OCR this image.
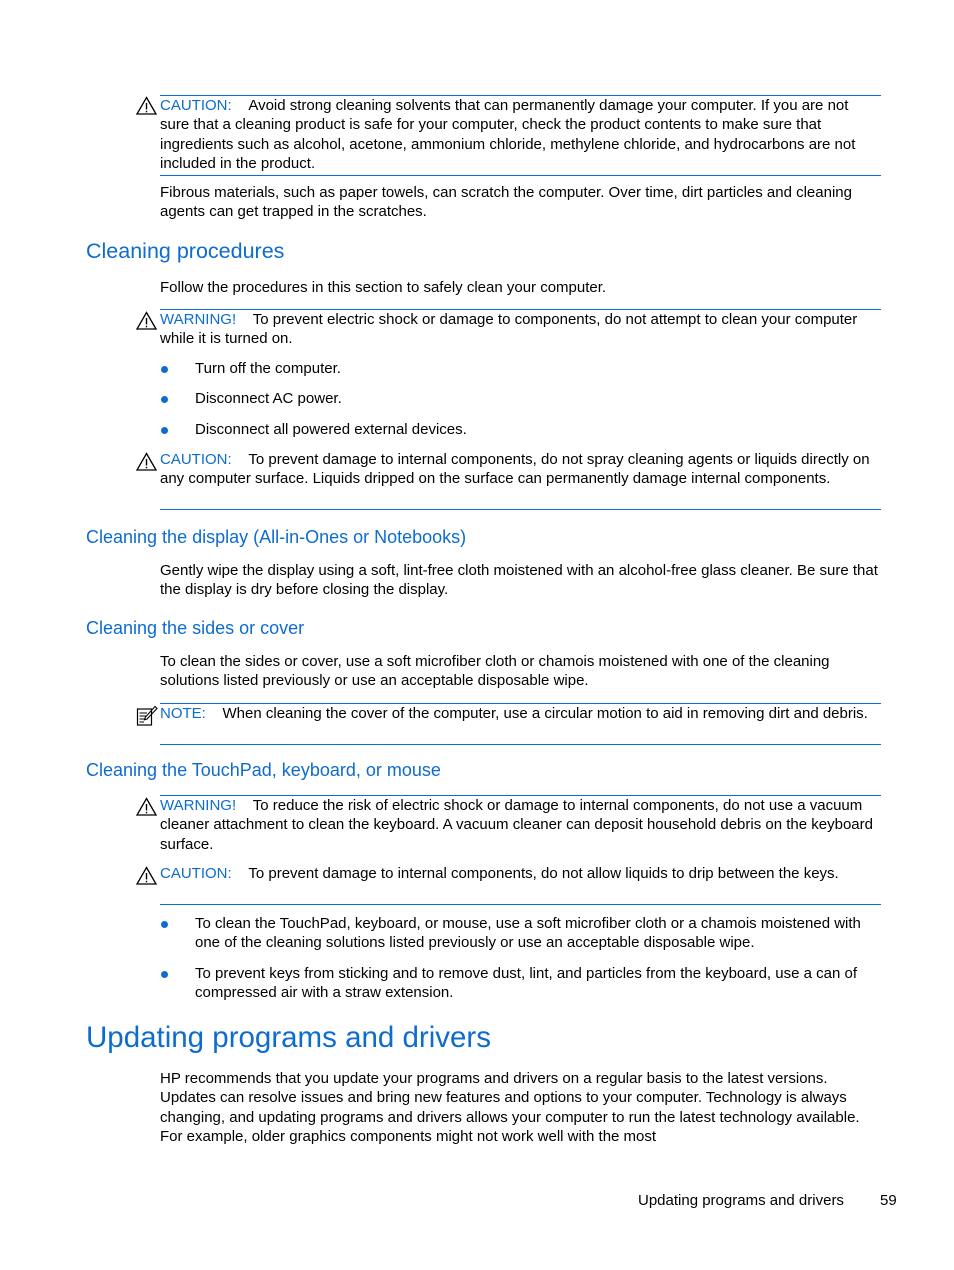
CAUTION: Avoid strong cleaning solvents that can permanently damage your computer. If you are not sure that a cleaning product is safe for your computer, check the product contents to make sure that ingredients such as alcohol, acetone, ammonium chloride, methylene chloride, and hydrocarbons are not included in the product.

Fibrous materials, such as paper towels, can scratch the computer. Over time, dirt particles and cleaning agents can get trapped in the scratches.
Cleaning procedures
Follow the procedures in this section to safely clean your computer.

WARNING! To prevent electric shock or damage to components, do not attempt to clean your computer while it is turned on.

Turn off the computer.
Disconnect AC power.
Disconnect all powered external devices.

CAUTION: To prevent damage to internal components, do not spray cleaning agents or liquids directly on any computer surface. Liquids dripped on the surface can permanently damage internal components.

Cleaning the display (All-in-Ones or Notebooks)
Gently wipe the display using a soft, lint-free cloth moistened with an alcohol-free glass cleaner. Be sure that the display is dry before closing the display.
Cleaning the sides or cover
To clean the sides or cover, use a soft microfiber cloth or chamois moistened with one of the cleaning solutions listed previously or use an acceptable disposable wipe.

NOTE: When cleaning the cover of the computer, use a circular motion to aid in removing dirt and debris.

Cleaning the TouchPad, keyboard, or mouse

WARNING! To reduce the risk of electric shock or damage to internal components, do not use a vacuum cleaner attachment to clean the keyboard. A vacuum cleaner can deposit household debris on the keyboard surface.

CAUTION: To prevent damage to internal components, do not allow liquids to drip between the keys.

To clean the TouchPad, keyboard, or mouse, use a soft microfiber cloth or a chamois moistened with one of the cleaning solutions listed previously or use an acceptable disposable wipe.
To prevent keys from sticking and to remove dust, lint, and particles from the keyboard, use a can of compressed air with a straw extension.
Updating programs and drivers
HP recommends that you update your programs and drivers on a regular basis to the latest versions. Updates can resolve issues and bring new features and options to your computer. Technology is always changing, and updating programs and drivers allows your computer to run the latest technology available. For example, older graphics components might not work well with the most
Updating programs and drivers 59
